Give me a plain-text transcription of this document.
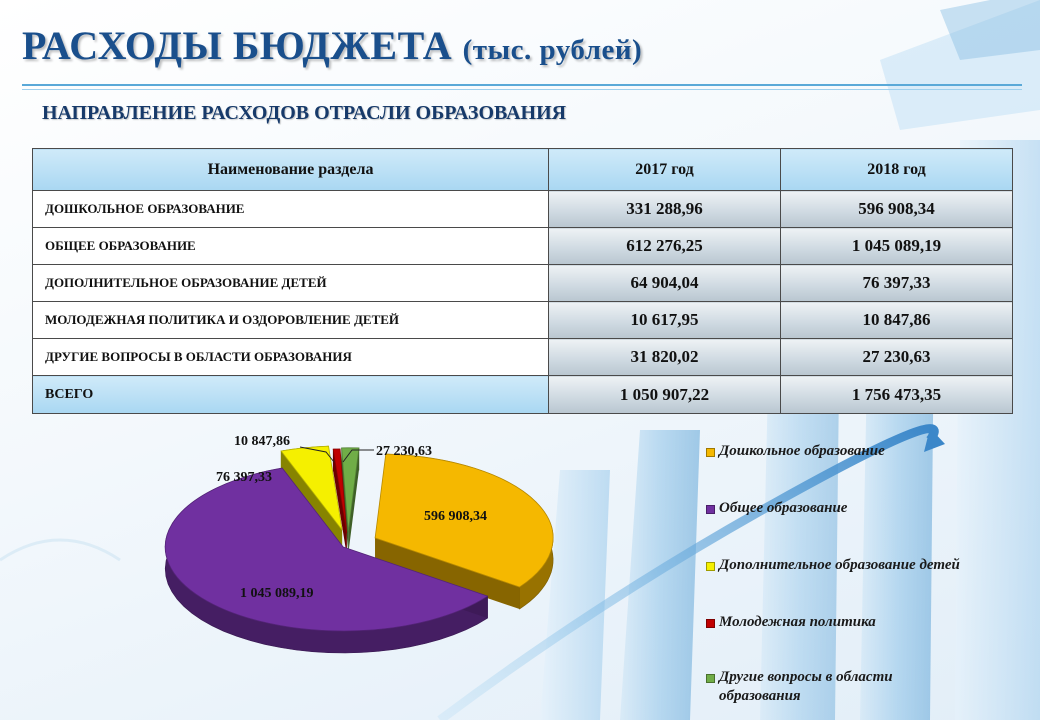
РАСХОДЫ БЮДЖЕТА (тыс. рублей)
НАПРАВЛЕНИЕ РАСХОДОВ ОТРАСЛИ ОБРАЗОВАНИЯ
Наименование раздела	2017 год	2018 год
ДОШКОЛЬНОЕ ОБРАЗОВАНИЕ	331 288,96	596 908,34
ОБЩЕЕ ОБРАЗОВАНИЕ	612 276,25	1 045 089,19
ДОПОЛНИТЕЛЬНОЕ ОБРАЗОВАНИЕ ДЕТЕЙ	64 904,04	76 397,33
МОЛОДЕЖНАЯ ПОЛИТИКА И ОЗДОРОВЛЕНИЕ ДЕТЕЙ	10 617,95	10 847,86
ДРУГИЕ ВОПРОСЫ В ОБЛАСТИ ОБРАЗОВАНИЯ	31 820,02	27 230,63
ВСЕГО	1 050 907,22	1 756 473,35
596 908,34
1 045 089,19
76 397,33
10 847,86
27 230,63	Дошкольное образование
Общее образование
Дополнительное образование детей
Молодежная политика
Другие вопросы в области образования
